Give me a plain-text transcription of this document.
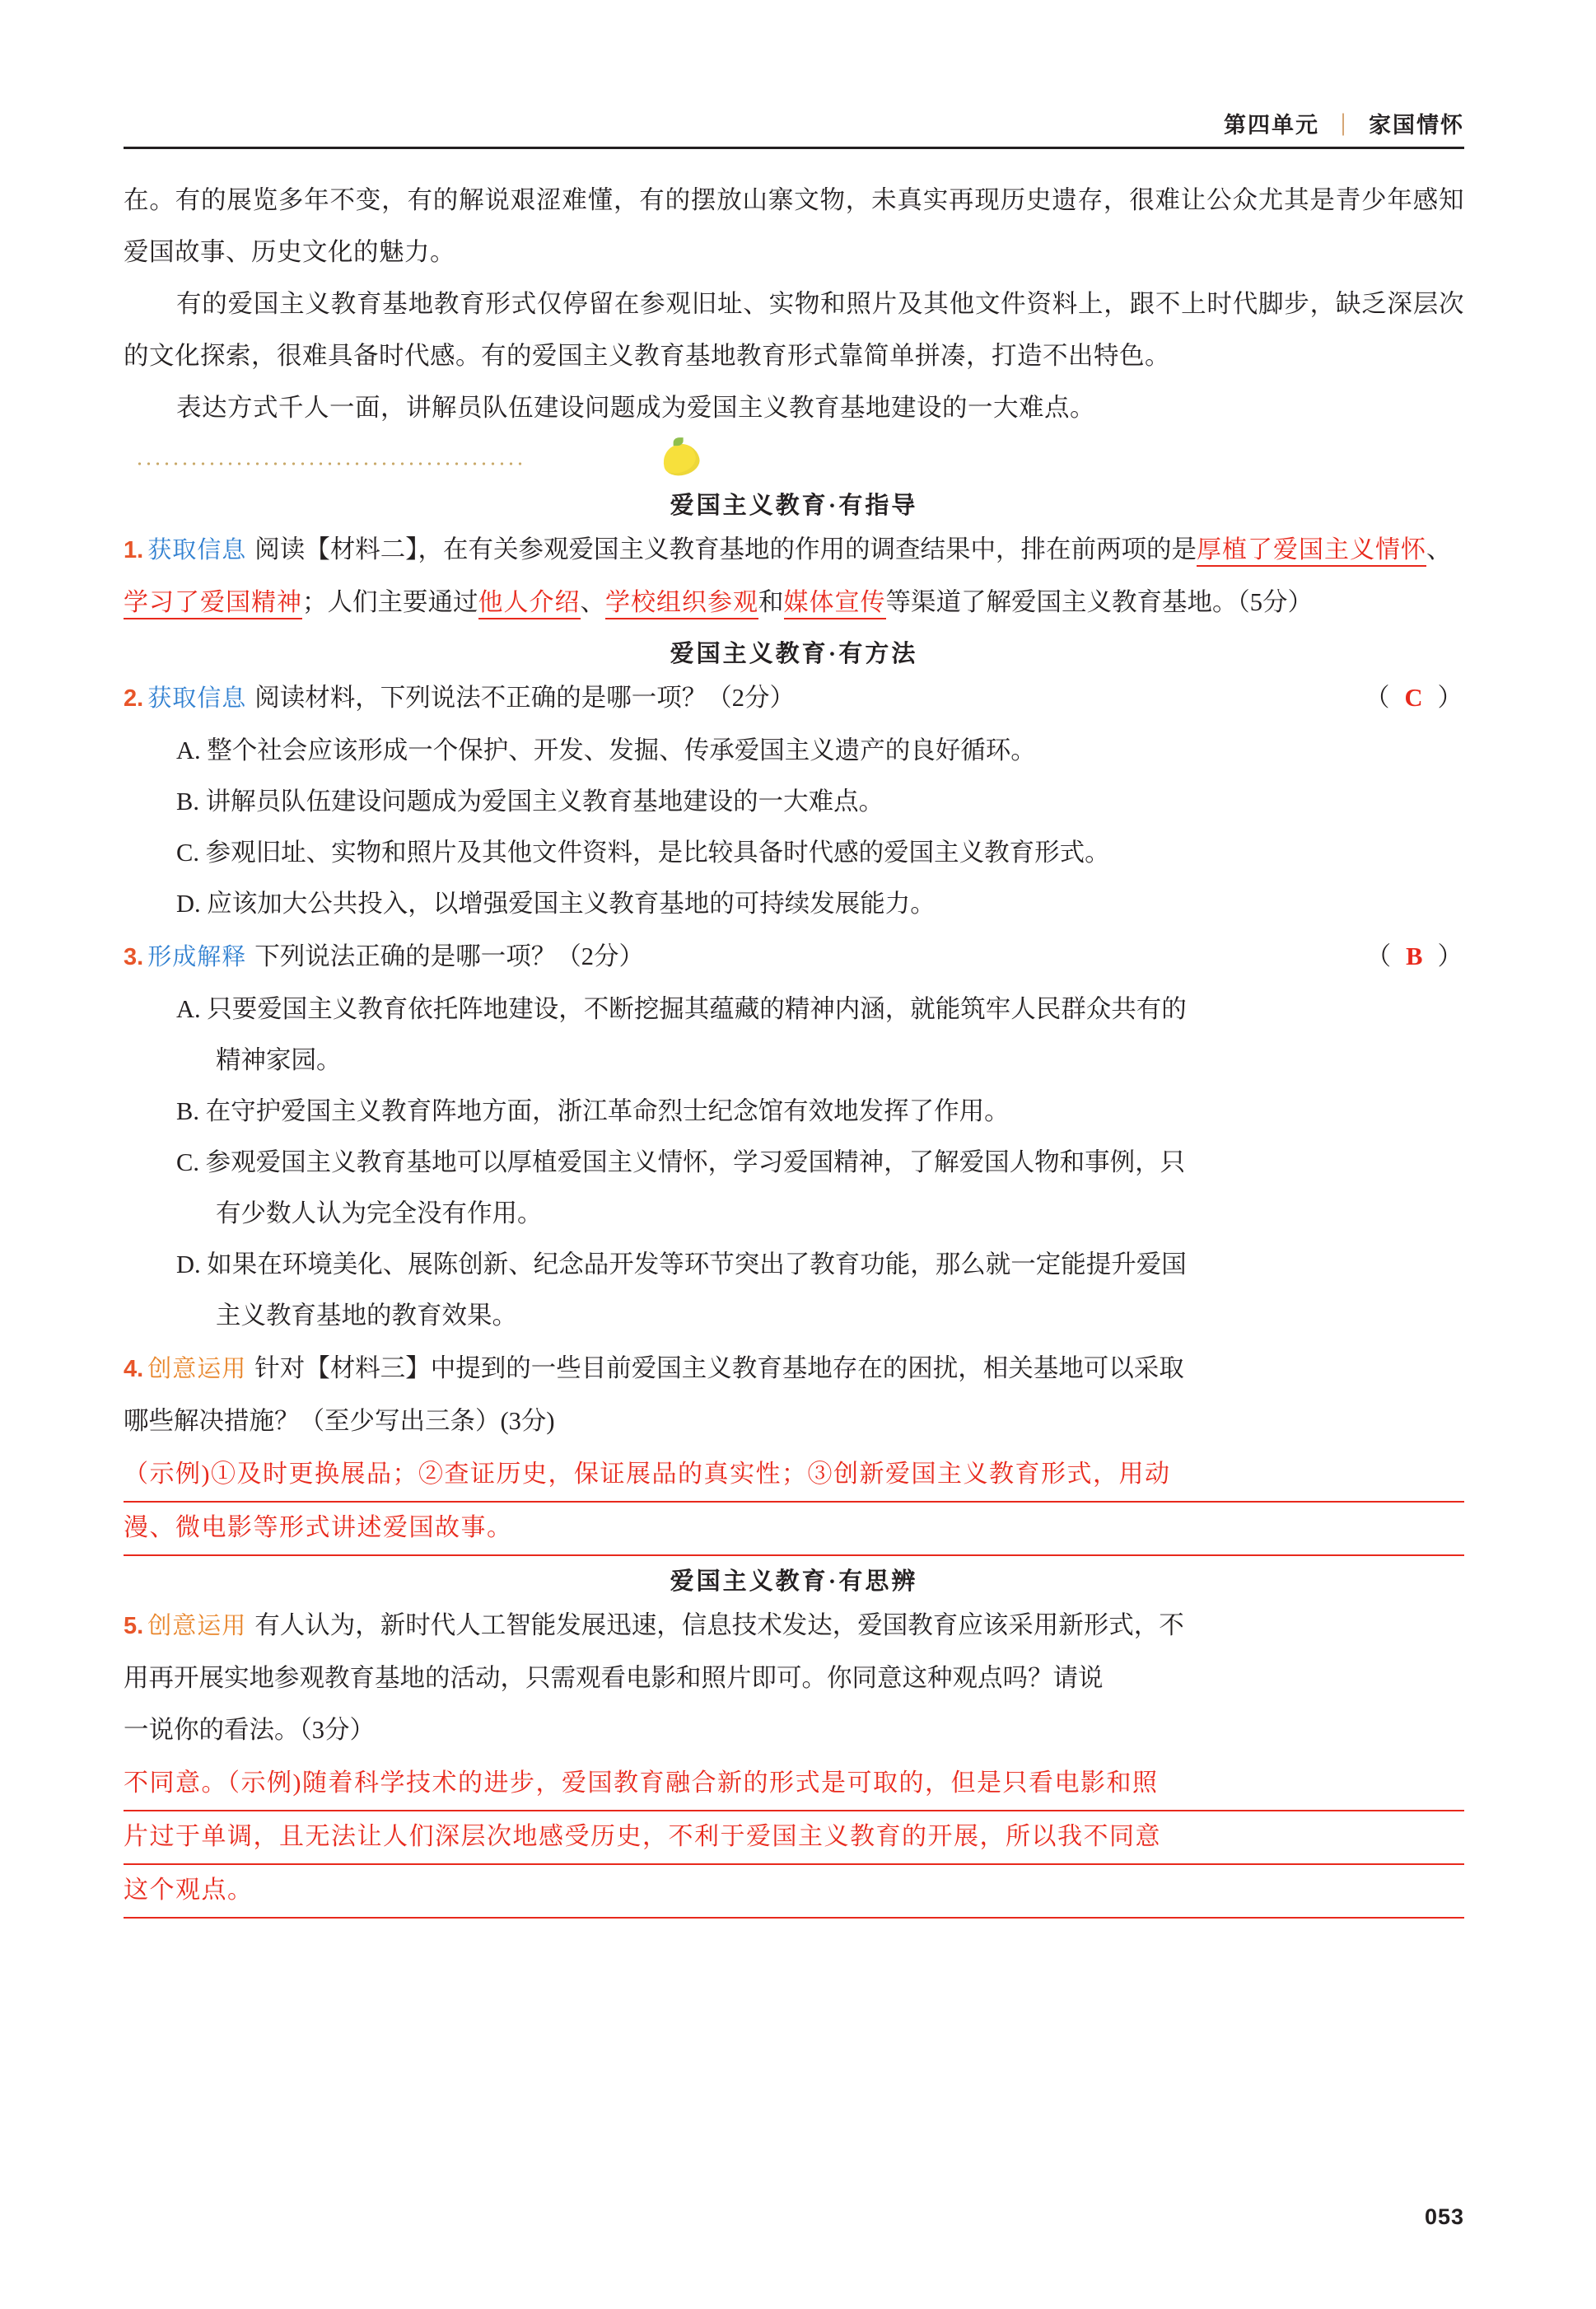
第四单元 | 家国情怀

在。有的展览多年不变，有的解说艰涩难懂，有的摆放山寨文物，未真实再现历史遗存，很难让公众尤其是青少年感知爱国故事、历史文化的魅力。

有的爱国主义教育基地教育形式仅停留在参观旧址、实物和照片及其他文件资料上，跟不上时代脚步，缺乏深层次的文化探索，很难具备时代感。有的爱国主义教育基地教育形式靠简单拼凑，打造不出特色。

表达方式千人一面，讲解员队伍建设问题成为爱国主义教育基地建设的一大难点。

爱国主义教育·有指导
1. 获取信息 阅读【材料二】，在有关参观爱国主义教育基地的作用的调查结果中，排在前两项的是厚植了爱国主义情怀、学习了爱国精神；人们主要通过他人介绍、学校组织参观和媒体宣传等渠道了解爱国主义教育基地。（5分）
爱国主义教育·有方法
2. 获取信息 阅读材料，下列说法不正确的是哪一项？（2分）	（ C ）
A. 整个社会应该形成一个保护、开发、发掘、传承爱国主义遗产的良好循环。
B. 讲解员队伍建设问题成为爱国主义教育基地建设的一大难点。
C. 参观旧址、实物和照片及其他文件资料，是比较具备时代感的爱国主义教育形式。
D. 应该加大公共投入，以增强爱国主义教育基地的可持续发展能力。
3. 形成解释 下列说法正确的是哪一项？（2分）	（ B ）
A. 只要爱国主义教育依托阵地建设，不断挖掘其蕴藏的精神内涵，就能筑牢人民群众共有的
精神家园。
B. 在守护爱国主义教育阵地方面，浙江革命烈士纪念馆有效地发挥了作用。
C. 参观爱国主义教育基地可以厚植爱国主义情怀，学习爱国精神，了解爱国人物和事例，只
有少数人认为完全没有作用。
D. 如果在环境美化、展陈创新、纪念品开发等环节突出了教育功能，那么就一定能提升爱国
主义教育基地的教育效果。
4. 创意运用 针对【材料三】中提到的一些目前爱国主义教育基地存在的困扰，相关基地可以采取
哪些解决措施？（至少写出三条）(3分)
（示例)①及时更换展品；②查证历史，保证展品的真实性；③创新爱国主义教育形式，用动
漫、微电影等形式讲述爱国故事。
爱国主义教育·有思辨
5. 创意运用 有人认为，新时代人工智能发展迅速，信息技术发达，爱国教育应该采用新形式，不
用再开展实地参观教育基地的活动，只需观看电影和照片即可。你同意这种观点吗？请说
一说你的看法。（3分）
不同意。（示例)随着科学技术的进步，爱国教育融合新的形式是可取的，但是只看电影和照
片过于单调，且无法让人们深层次地感受历史，不利于爱国主义教育的开展，所以我不同意
这个观点。
053
